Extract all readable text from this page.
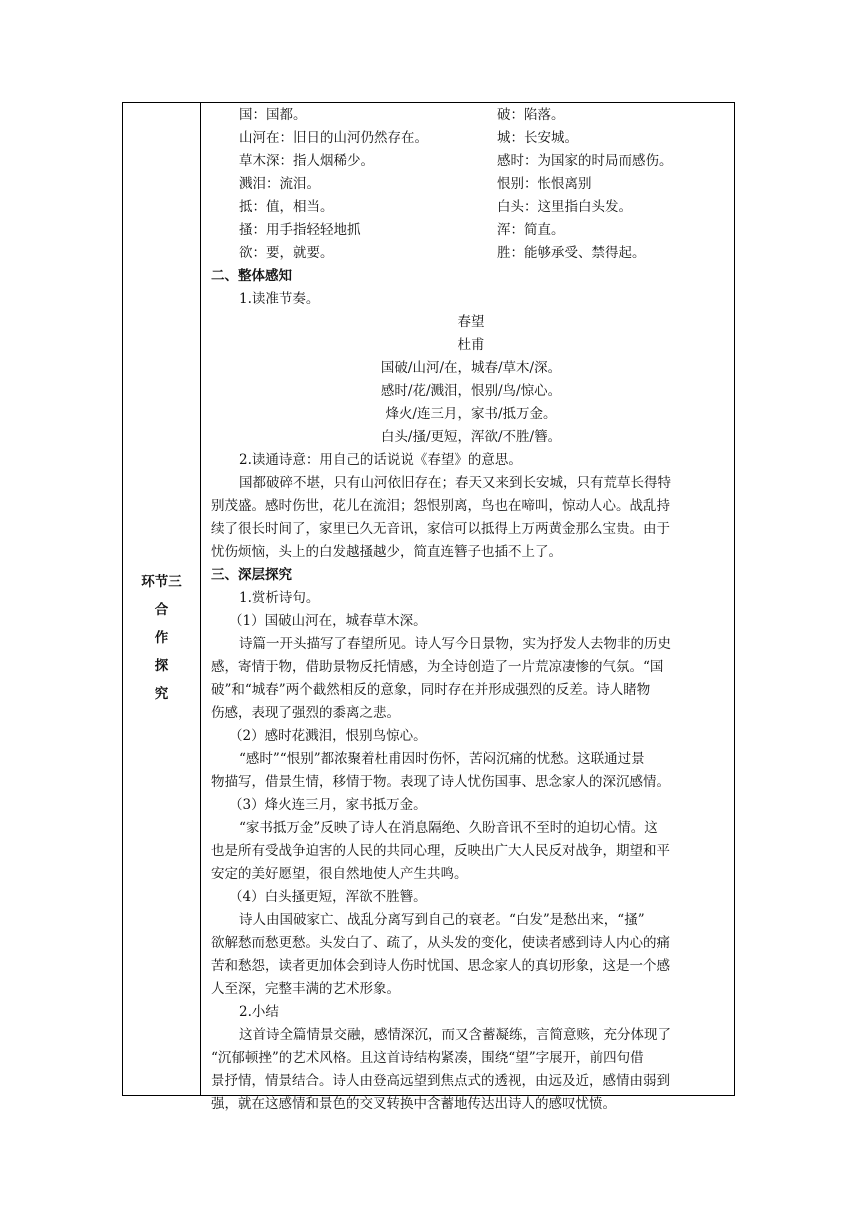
环节三
合
作
探
究
国：国都。	破：陷落。
山河在：旧日的山河仍然存在。	城：长安城。
草木深：指人烟稀少。	感时：为国家的时局而感伤。
溅泪：流泪。	恨别：怅恨离别
抵：值，相当。	白头：这里指白头发。
搔：用手指轻轻地抓	浑：简直。
欲：要，就要。	胜：能够承受、禁得起。
二、整体感知
1.读准节奏。
春望
杜甫
国破/山河/在，城春/草木/深。
感时/花/溅泪，恨别/鸟/惊心。
烽火/连三月，家书/抵万金。
白头/搔/更短，浑欲/不胜/簪。
2.读通诗意：用自己的话说说《春望》的意思。
国都破碎不堪，只有山河依旧存在；春天又来到长安城，只有荒草长得特
别茂盛。感时伤世，花儿在流泪；怨恨别离，鸟也在啼叫，惊动人心。战乱持
续了很长时间了，家里已久无音讯，家信可以抵得上万两黄金那么宝贵。由于
忧伤烦恼，头上的白发越搔越少，简直连簪子也插不上了。
三、深层探究
1.赏析诗句。
（1）国破山河在，城春草木深。
诗篇一开头描写了春望所见。诗人写今日景物，实为抒发人去物非的历史
感，寄情于物，借助景物反托情感，为全诗创造了一片荒凉凄惨的气氛。“国
破”和“城春”两个截然相反的意象，同时存在并形成强烈的反差。诗人睹物
伤感，表现了强烈的黍离之悲。
（2）感时花溅泪，恨别鸟惊心。
“感时”“恨别”都浓聚着杜甫因时伤怀，苦闷沉痛的忧愁。这联通过景
物描写，借景生情，移情于物。表现了诗人忧伤国事、思念家人的深沉感情。
（3）烽火连三月，家书抵万金。
“家书抵万金”反映了诗人在消息隔绝、久盼音讯不至时的迫切心情。这
也是所有受战争迫害的人民的共同心理，反映出广大人民反对战争，期望和平
安定的美好愿望，很自然地使人产生共鸣。
（4）白头搔更短，浑欲不胜簪。
诗人由国破家亡、战乱分离写到自己的衰老。“白发”是愁出来，“搔”
欲解愁而愁更愁。头发白了、疏了，从头发的变化，使读者感到诗人内心的痛
苦和愁怨，读者更加体会到诗人伤时忧国、思念家人的真切形象，这是一个感
人至深，完整丰满的艺术形象。
2.小结
这首诗全篇情景交融，感情深沉，而又含蓄凝练，言简意赅，充分体现了
“沉郁顿挫”的艺术风格。且这首诗结构紧凑，围绕“望”字展开，前四句借
景抒情，情景结合。诗人由登高远望到焦点式的透视，由远及近，感情由弱到
强，就在这感情和景色的交叉转换中含蓄地传达出诗人的感叹忧愤。
